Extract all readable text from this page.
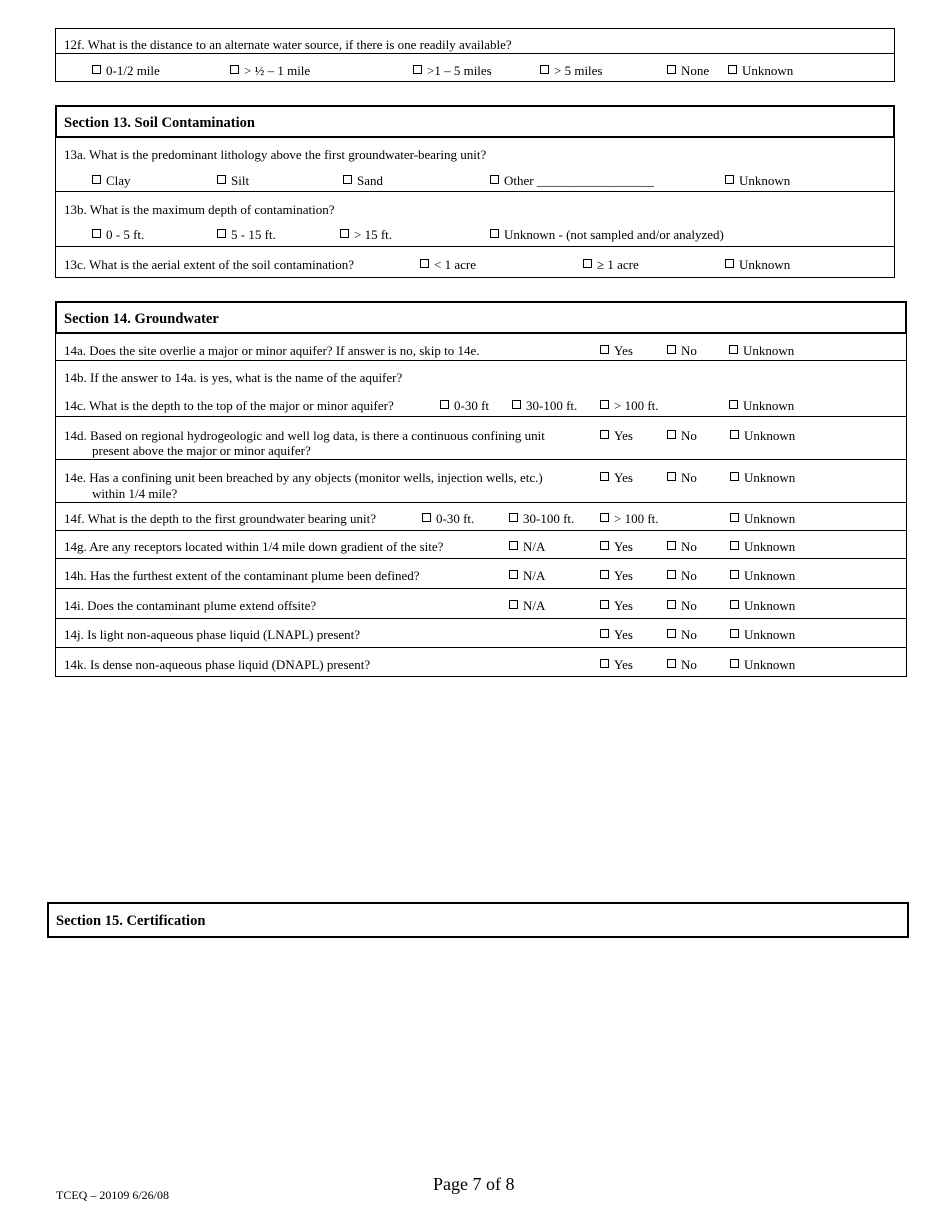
12f. What is the distance to an alternate water source, if there is one readily available?
0-1/2 mile	> ½ – 1 mile	>1 – 5 miles	> 5 miles	None	Unknown
Section 13. Soil Contamination
13a. What is the predominant lithology above the first groundwater-bearing unit?
Clay	Silt	Sand	Other __________________	Unknown
13b. What is the maximum depth of contamination?
0 - 5 ft.	5 - 15 ft.	> 15 ft.	Unknown - (not sampled and/or analyzed)
13c. What is the aerial extent of the soil contamination?	< 1 acre	≥ 1 acre	Unknown
Section 14. Groundwater
14a. Does the site overlie a major or minor aquifer? If answer is no, skip to 14e.	Yes	No	Unknown
14b. If the answer to 14a. is yes, what is the name of the aquifer?
14c. What is the depth to the top of the major or minor aquifer?	0-30 ft	30-100 ft.	> 100 ft.	Unknown
14d. Based on regional hydrogeologic and well log data, is there a continuous confining unit
present above the major or minor aquifer?
Yes	No	Unknown
14e. Has a confining unit been breached by any objects (monitor wells, injection wells, etc.)
within 1/4 mile?
Yes	No	Unknown
14f. What is the depth to the first groundwater bearing unit?	0-30 ft.	30-100 ft.	> 100 ft.	Unknown
14g. Are any receptors located within 1/4 mile down gradient of the site?	N/A	Yes	No	Unknown
14h. Has the furthest extent of the contaminant plume been defined?	N/A	Yes	No	Unknown
14i. Does the contaminant plume extend offsite?	N/A	Yes	No	Unknown
14j. Is light non-aqueous phase liquid (LNAPL) present?	Yes	No	Unknown
14k. Is dense non-aqueous phase liquid (DNAPL) present?	Yes	No	Unknown
Section 15. Certification
TCEQ – 20109 6/26/08
Page 7 of 8
